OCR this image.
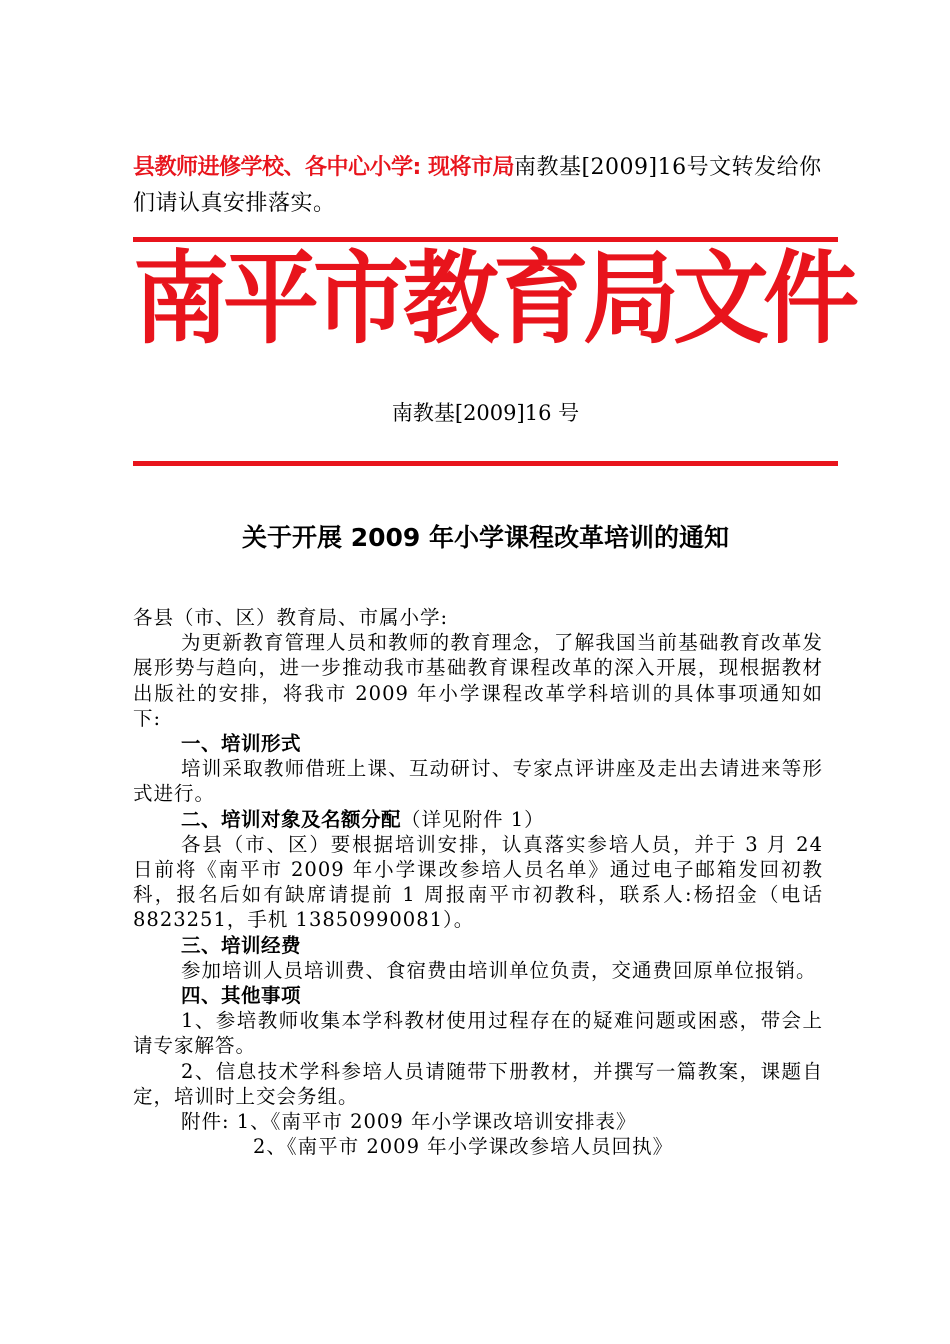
县教师进修学校、各中心小学: 现将市局南教基[2009]16号文转发给你们请认真安排落实。
南平市教育局文件
南教基[2009]16 号
关于开展 2009 年小学课程改革培训的通知

各县（市、区）教育局、市属小学:

为更新教育管理人员和教师的教育理念，了解我国当前基础教育改革发展形势与趋向，进一步推动我市基础教育课程改革的深入开展，现根据教材出版社的安排，将我市 2009 年小学课程改革学科培训的具体事项通知如下:

一、培训形式

培训采取教师借班上课、互动研讨、专家点评讲座及走出去请进来等形式进行。

二、培训对象及名额分配（详见附件 1）

各县（市、区）要根据培训安排，认真落实参培人员，并于 3 月 24 日前将《南平市 2009 年小学课改参培人员名单》通过电子邮箱发回初教科，报名后如有缺席请提前 1 周报南平市初教科，联系人:杨招金（电话 8823251，手机 13850990081）。

三、培训经费

参加培训人员培训费、食宿费由培训单位负责，交通费回原单位报销。

四、其他事项

1、参培教师收集本学科教材使用过程存在的疑难问题或困惑，带会上请专家解答。

2、信息技术学科参培人员请随带下册教材，并撰写一篇教案，课题自定，培训时上交会务组。

附件: 1、《南平市 2009 年小学课改培训安排表》

2、《南平市 2009 年小学课改参培人员回执》
